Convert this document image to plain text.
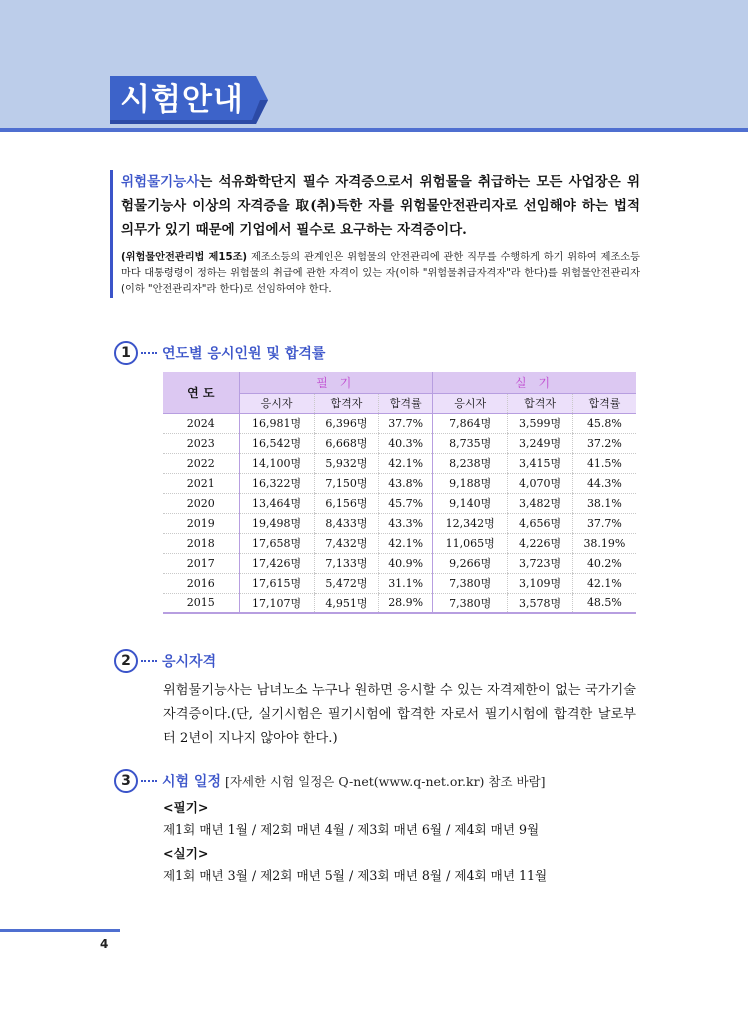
시험안내

위험물기능사는 석유화학단지 필수 자격증으로서 위험물을 취급하는 모든 사업장은 위험물기능사 이상의 자격증을 取(취)득한 자를 위험물안전관리자로 선임해야 하는 법적 의무가 있기 때문에 기업에서 필수로 요구하는 자격증이다.

(위험물안전관리법 제15조) 제조소등의 관계인은 위험물의 안전관리에 관한 직무를 수행하게 하기 위하여 제조소등마다 대통령령이 정하는 위험물의 취급에 관한 자격이 있는 자(이하 "위험물취급자격자"라 한다)를 위험물안전관리자(이하 "안전관리자"라 한다)로 선임하여야 한다.

1	연도별 응시인원 및 합격률
연 도	필 기			실 기		
	응시자	합격자	합격률	응시자	합격자	합격률
2024	16,981명	6,396명	37.7%	7,864명	3,599명	45.8%
2023	16,542명	6,668명	40.3%	8,735명	3,249명	37.2%
2022	14,100명	5,932명	42.1%	8,238명	3,415명	41.5%
2021	16,322명	7,150명	43.8%	9,188명	4,070명	44.3%
2020	13,464명	6,156명	45.7%	9,140명	3,482명	38.1%
2019	19,498명	8,433명	43.3%	12,342명	4,656명	37.7%
2018	17,658명	7,432명	42.1%	11,065명	4,226명	38.19%
2017	17,426명	7,133명	40.9%	9,266명	3,723명	40.2%
2016	17,615명	5,472명	31.1%	7,380명	3,109명	42.1%
2015	17,107명	4,951명	28.9%	7,380명	3,578명	48.5%
2	응시자격

위험물기능사는 남녀노소 누구나 원하면 응시할 수 있는 자격제한이 없는 국가기술자격증이다.(단, 실기시험은 필기시험에 합격한 자로서 필기시험에 합격한 날로부터 2년이 지나지 않아야 한다.)

3	시험 일정 [자세한 시험 일정은 Q-net(www.q-net.or.kr) 참조 바람]
<필기>
제1회 매년 1월 / 제2회 매년 4월 / 제3회 매년 6월 / 제4회 매년 9월
<실기>
제1회 매년 3월 / 제2회 매년 5월 / 제3회 매년 8월 / 제4회 매년 11월
4
